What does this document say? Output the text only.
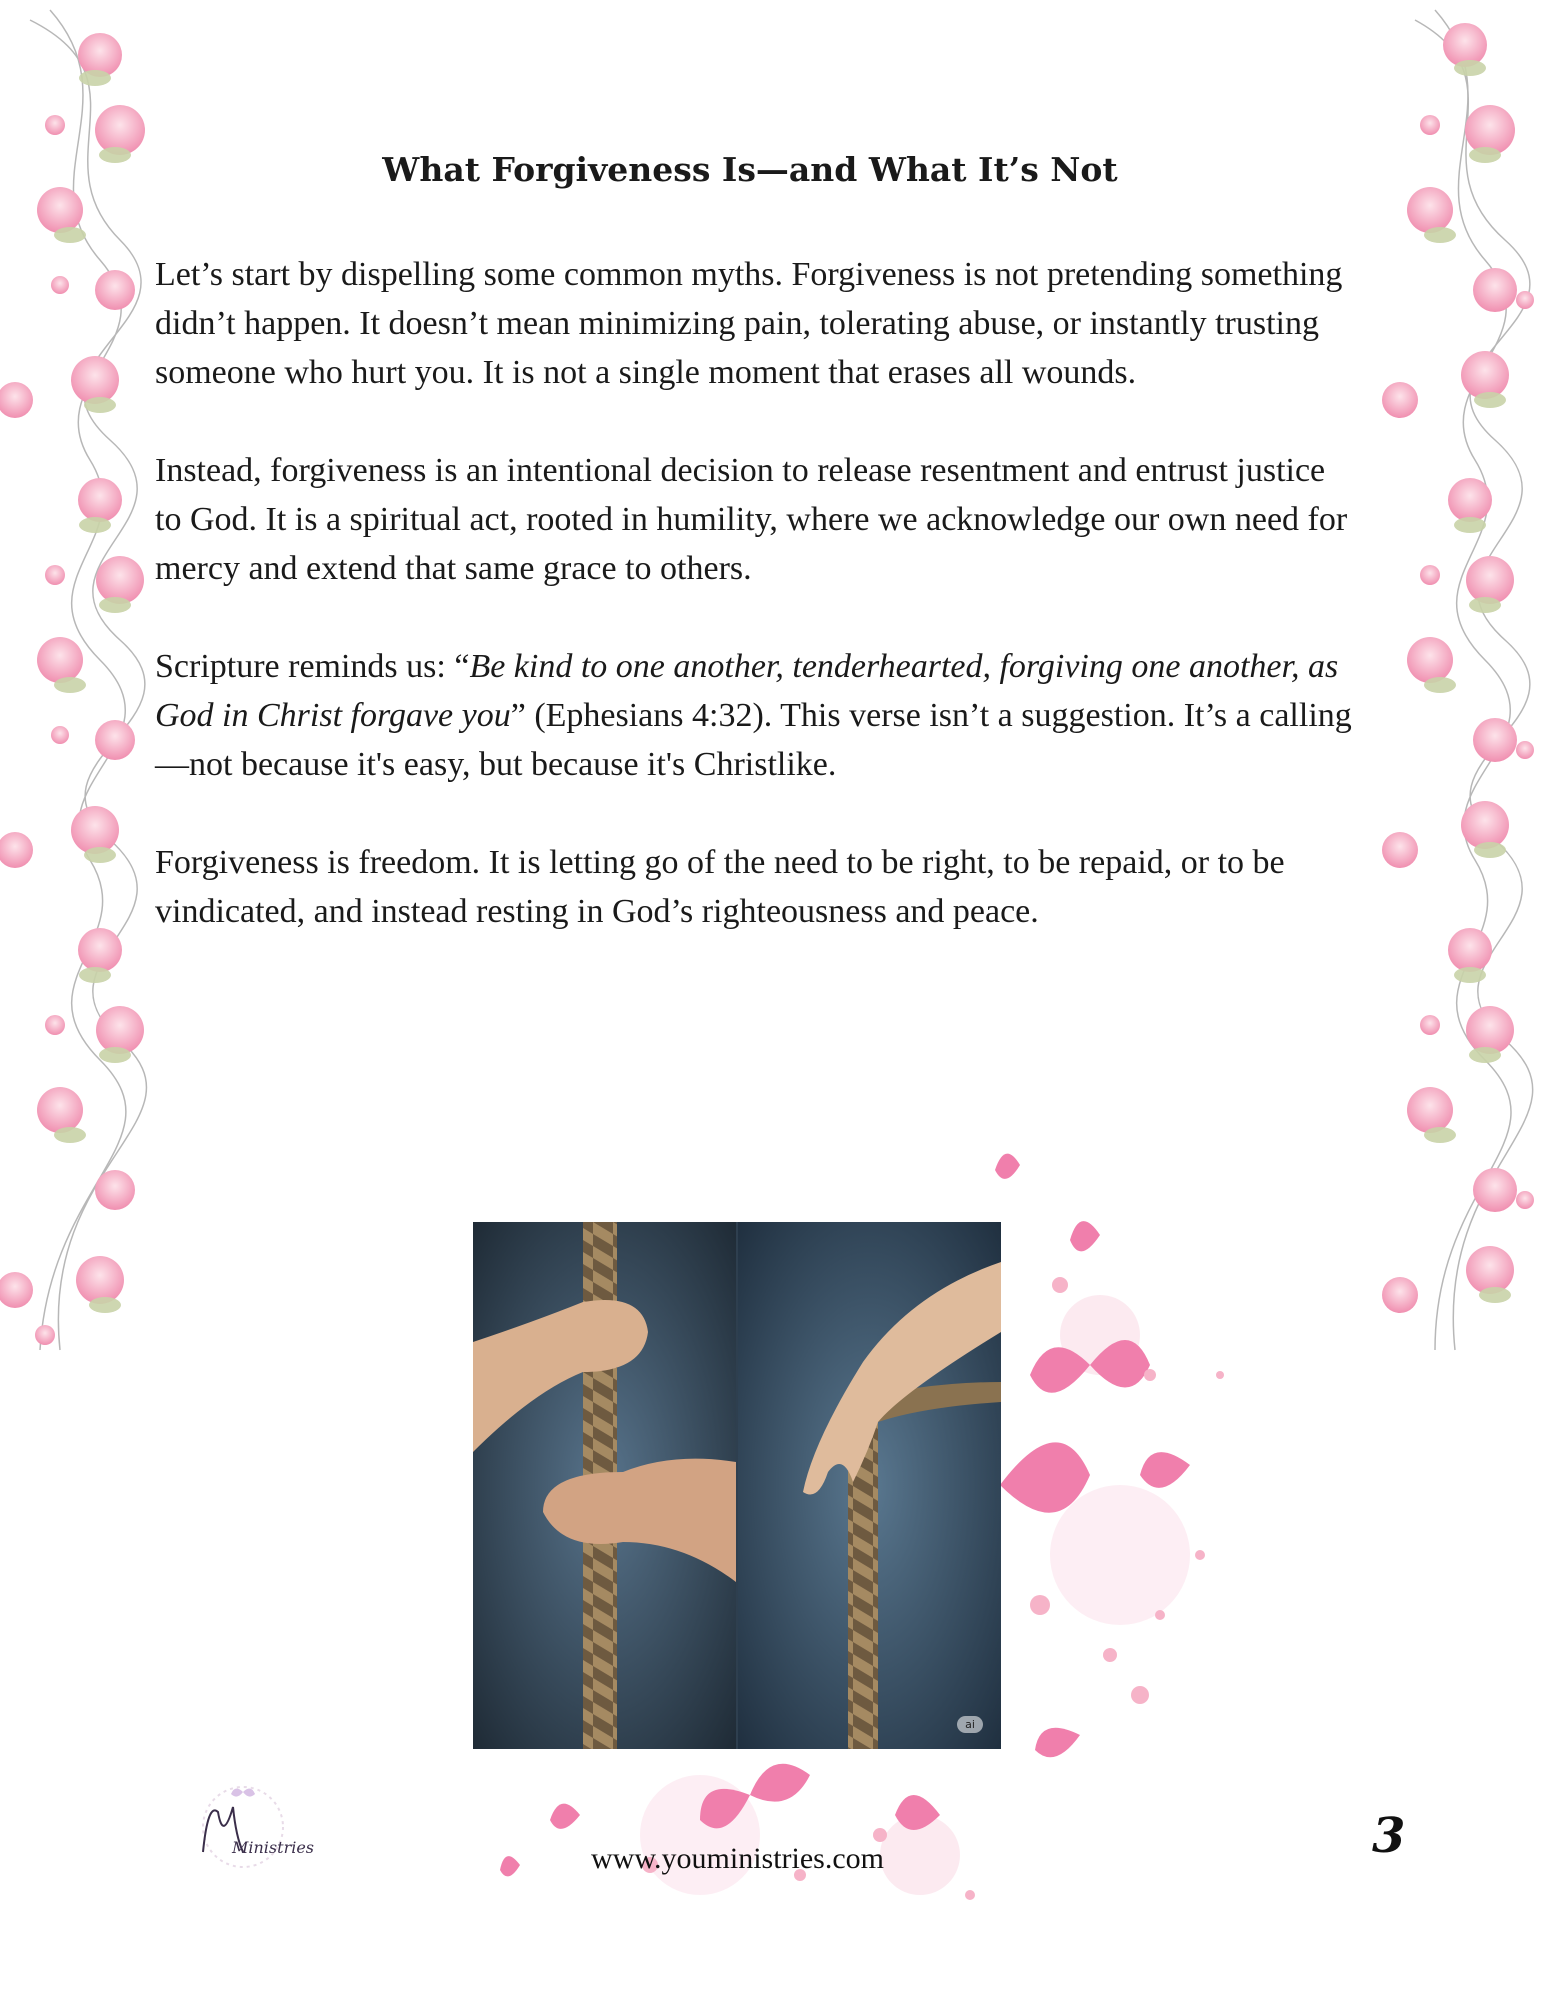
What Forgiveness Is—and What It’s Not

Let’s start by dispelling some common myths. Forgiveness is not pretending something didn’t happen. It doesn’t mean minimizing pain, tolerating abuse, or instantly trusting someone who hurt you. It is not a single moment that erases all wounds.

Instead, forgiveness is an intentional decision to release resentment and entrust justice to God. It is a spiritual act, rooted in humility, where we acknowledge our own need for mercy and extend that same grace to others.

Scripture reminds us: “Be kind to one another, tenderhearted, forgiving one another, as God in Christ forgave you” (Ephesians 4:32). This verse isn’t a suggestion. It’s a calling—not because it's easy, but because it's Christlike.

Forgiveness is freedom. It is letting go of the need to be right, to be repaid, or to be vindicated, and instead resting in God’s righteousness and peace.

ai
Ministries	www.youministries.com	3
